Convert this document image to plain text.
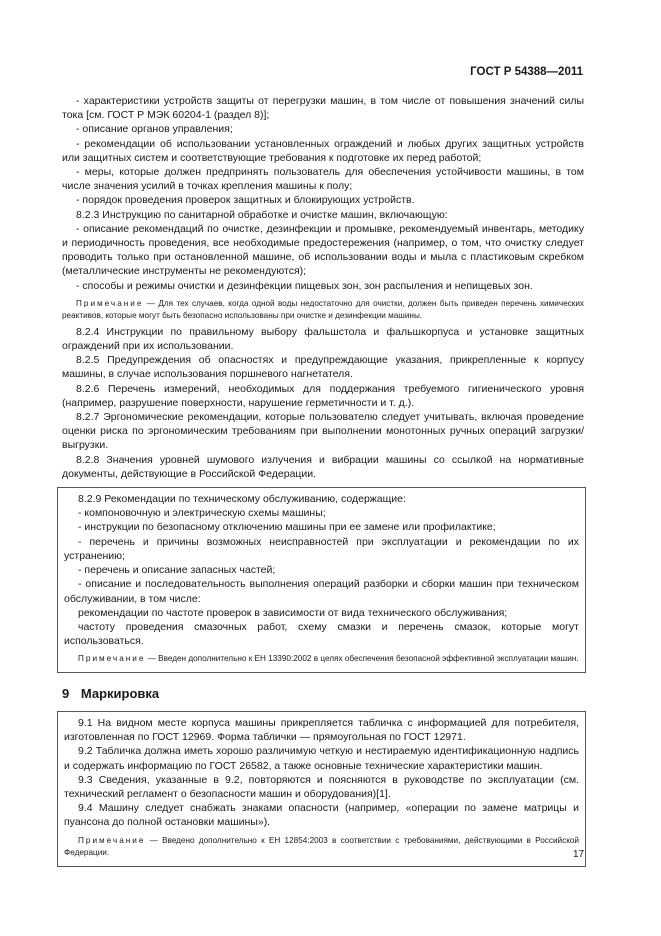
ГОСТ Р 54388—2011
- характеристики устройств защиты от перегрузки машин, в том числе от повышения значений силы тока [см. ГОСТ Р МЭК 60204-1 (раздел 8)];
- описание органов управления;
- рекомендации об использовании установленных ограждений и любых других защитных устройств или защитных систем и соответствующие требования к подготовке их перед работой;
- меры, которые должен предпринять пользователь для обеспечения устойчивости машины, в том числе значения усилий в точках крепления машины к полу;
- порядок проведения проверок защитных и блокирующих устройств.
8.2.3 Инструкцию по санитарной обработке и очистке машин, включающую:
- описание рекомендаций по очистке, дезинфекции и промывке, рекомендуемый инвентарь, методику и периодичность проведения, все необходимые предостережения (например, о том, что очистку следует проводить только при остановленной машине, об использовании воды и мыла с пластиковым скребком (металлические инструменты не рекомендуются);
- способы и режимы очистки и дезинфекции пищевых зон, зон распыления и непищевых зон.
Примечание — Для тех случаев, когда одной воды недостаточно для очистки, должен быть приведен перечень химических реактивов, которые могут быть безопасно использованы при очистке и дезинфекции машины.
8.2.4 Инструкции по правильному выбору фальшстола и фальшкорпуса и установке защитных ограждений при их использовании.
8.2.5 Предупреждения об опасностях и предупреждающие указания, прикрепленные к корпусу машины, в случае использования поршневого нагнетателя.
8.2.6 Перечень измерений, необходимых для поддержания требуемого гигиенического уровня (например, разрушение поверхности, нарушение герметичности и т. д.).
8.2.7 Эргономические рекомендации, которые пользователю следует учитывать, включая проведение оценки риска по эргономическим требованиям при выполнении монотонных ручных операций загрузки/выгрузки.
8.2.8 Значения уровней шумового излучения и вибрации машины со ссылкой на нормативные документы, действующие в Российской Федерации.
8.2.9 Рекомендации по техническому обслуживанию, содержащие:
- компоновочную и электрическую схемы машины;
- инструкции по безопасному отключению машины при ее замене или профилактике;
- перечень и причины возможных неисправностей при эксплуатации и рекомендации по их устранению;
- перечень и описание запасных частей;
- описание и последовательность выполнения операций разборки и сборки машин при техническом обслуживании, в том числе:
рекомендации по частоте проверок в зависимости от вида технического обслуживания;
частоту проведения смазочных работ, схему смазки и перечень смазок, которые могут использоваться.
Примечание — Введен дополнительно к ЕН 13390:2002 в целях обеспечения безопасной эффективной эксплуатации машин.
9 Маркировка
9.1 На видном месте корпуса машины прикрепляется табличка с информацией для потребителя, изготовленная по ГОСТ 12969. Форма таблички — прямоугольная по ГОСТ 12971.
9.2 Табличка должна иметь хорошо различимую четкую и нестираемую идентификационную надпись и содержать информацию по ГОСТ 26582, а также основные технические характеристики машин.
9.3 Сведения, указанные в 9.2, повторяются и поясняются в руководстве по эксплуатации (см. технический регламент о безопасности машин и оборудования)[1].
9.4 Машину следует снабжать знаками опасности (например, «операции по замене матрицы и пуансона до полной остановки машины»).
Примечание — Введено дополнительно к ЕН 12854:2003 в соответствии с требованиями, действующими в Российской Федерации.	17
